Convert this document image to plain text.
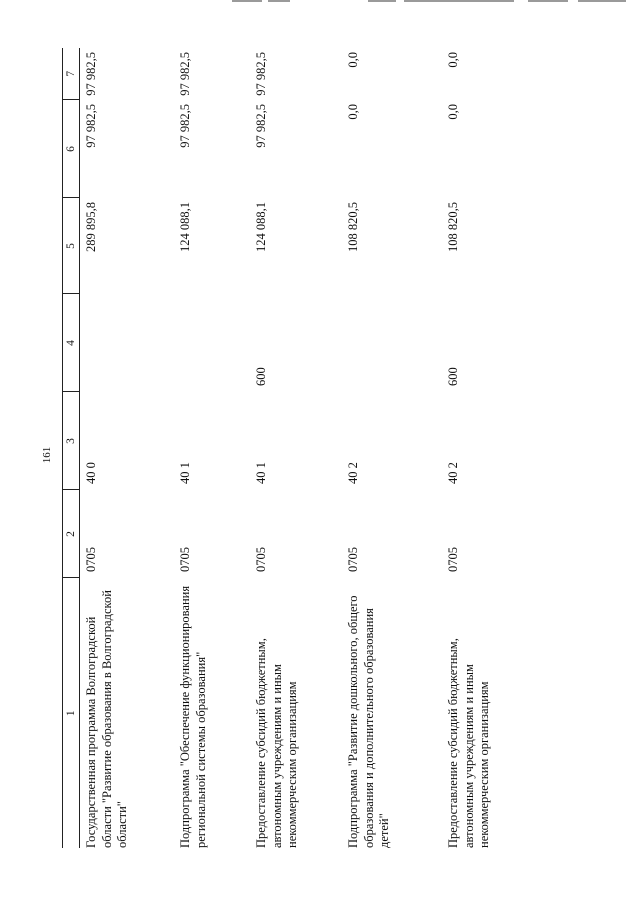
161
1	2	3	4	5	6	7
Государственная программа Волгоградской области "Развитие образования в Волгоградской области"	0705	40 0		289 895,8	97 982,5	97 982,5
Подпрограмма "Обеспечение функционирования региональной системы образования"	0705	40 1		124 088,1	97 982,5	97 982,5
Предоставление субсидий бюджетным, автономным учреждениям и иным некоммерческим организациям	0705	40 1	600	124 088,1	97 982,5	97 982,5
Подпрограмма "Развитие дошкольного, общего образования и дополнительного образования детей"	0705	40 2		108 820,5	0,0	0,0
Предоставление субсидий бюджетным, автономным учреждениям и иным некоммерческим организациям	0705	40 2	600	108 820,5	0,0	0,0
